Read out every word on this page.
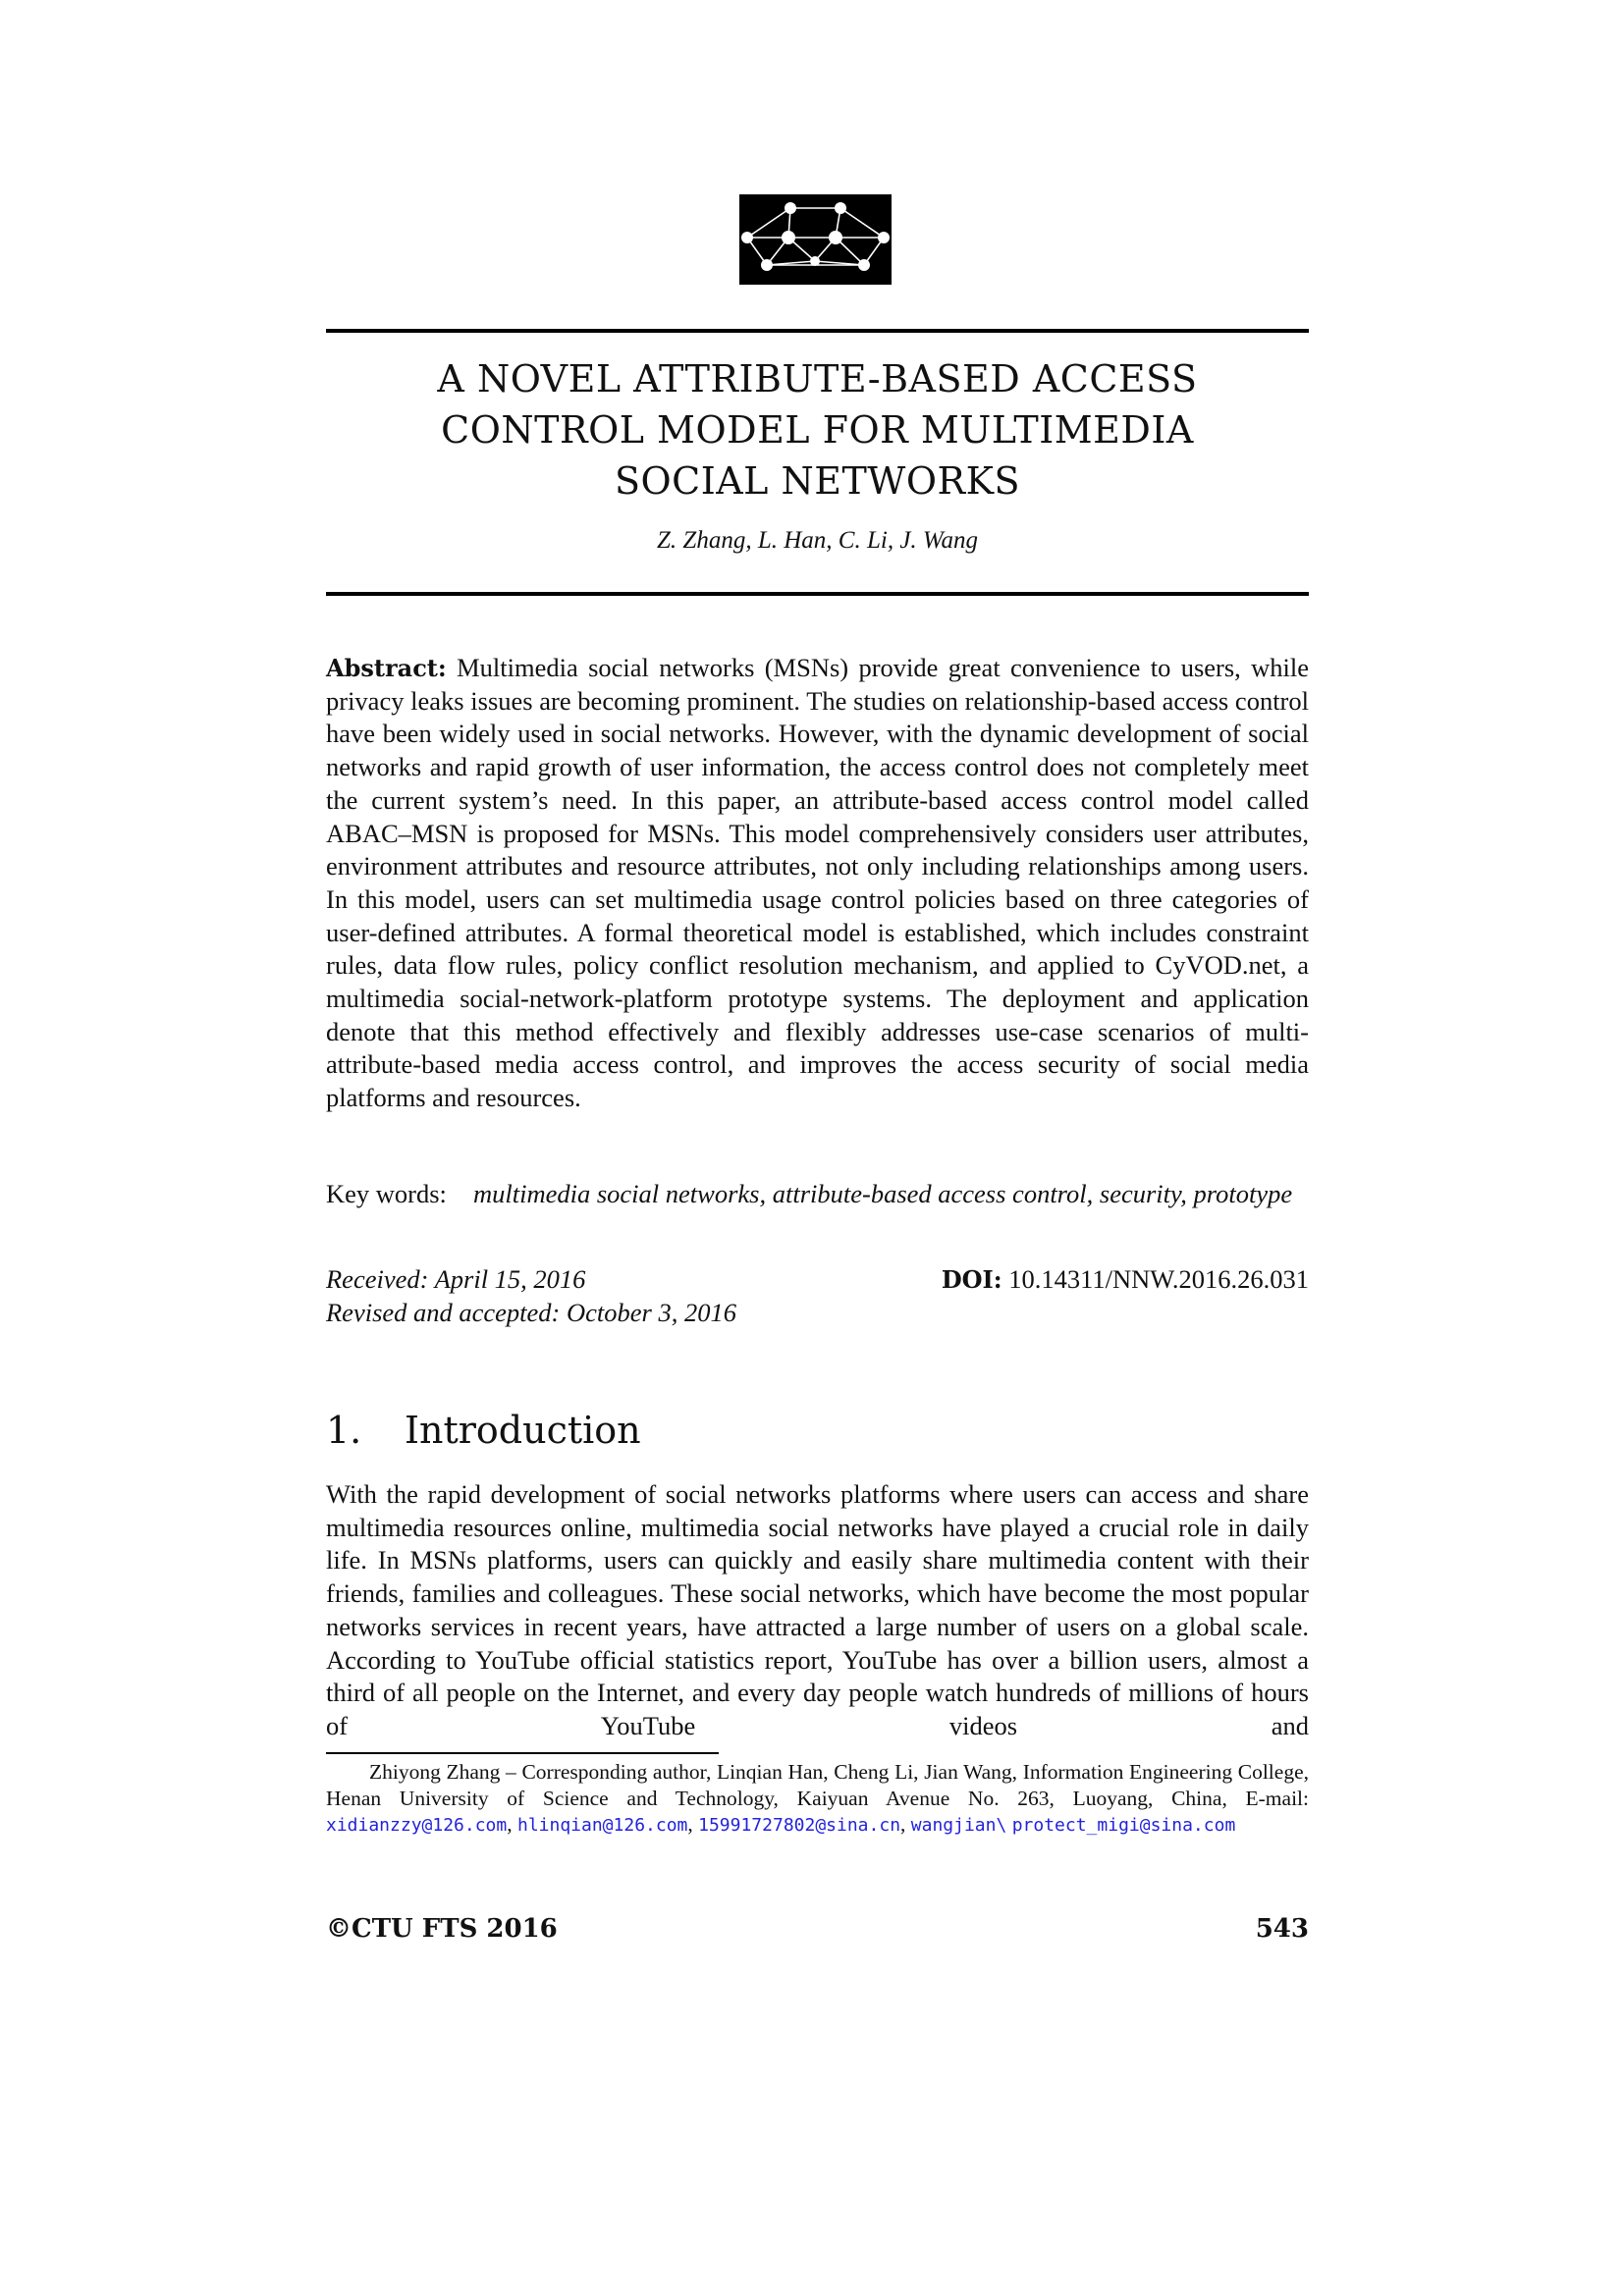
A NOVEL ATTRIBUTE-BASED ACCESS
CONTROL MODEL FOR MULTIMEDIA
SOCIAL NETWORKS
Z. Zhang, L. Han, C. Li, J. Wang
Abstract: Multimedia social networks (MSNs) provide great convenience to users, while privacy leaks issues are becoming prominent. The studies on relationship-based access control have been widely used in social networks. However, with the dynamic development of social networks and rapid growth of user information, the access control does not completely meet the current system’s need. In this paper, an attribute-based access control model called ABAC–MSN is proposed for MSNs. This model comprehensively considers user attributes, environment attributes and resource attributes, not only including relationships among users. In this model, users can set multimedia usage control policies based on three categories of user-defined attributes. A formal theoretical model is established, which includes constraint rules, data flow rules, policy conflict resolution mechanism, and applied to CyVOD.net, a multimedia social-network-platform prototype systems. The deployment and application denote that this method effectively and flexibly addresses use-case scenarios of multi-attribute-based media access control, and improves the access security of social media platforms and resources.
Key words: multimedia social networks, attribute-based access control, security, prototype
Received: April 15, 2016
Revised and accepted: October 3, 2016
DOI: 10.14311/NNW.2016.26.031
1. Introduction
With the rapid development of social networks platforms where users can access and share multimedia resources online, multimedia social networks have played a crucial role in daily life. In MSNs platforms, users can quickly and easily share multimedia content with their friends, families and colleagues. These social networks, which have become the most popular networks services in recent years, have attracted a large number of users on a global scale. According to YouTube official statistics report, YouTube has over a billion users, almost a third of all people on the Internet, and every day people watch hundreds of millions of hours of YouTube videos and
Zhiyong Zhang – Corresponding author, Linqian Han, Cheng Li, Jian Wang, Information Engineering College, Henan University of Science and Technology, Kaiyuan Avenue No. 263, Luoyang, China, E-mail: xidianzzy@126.com, hlinqian@126.com, 15991727802@sina.cn, wangjian\ protect_migi@sina.com
©CTU FTS 2016	543
